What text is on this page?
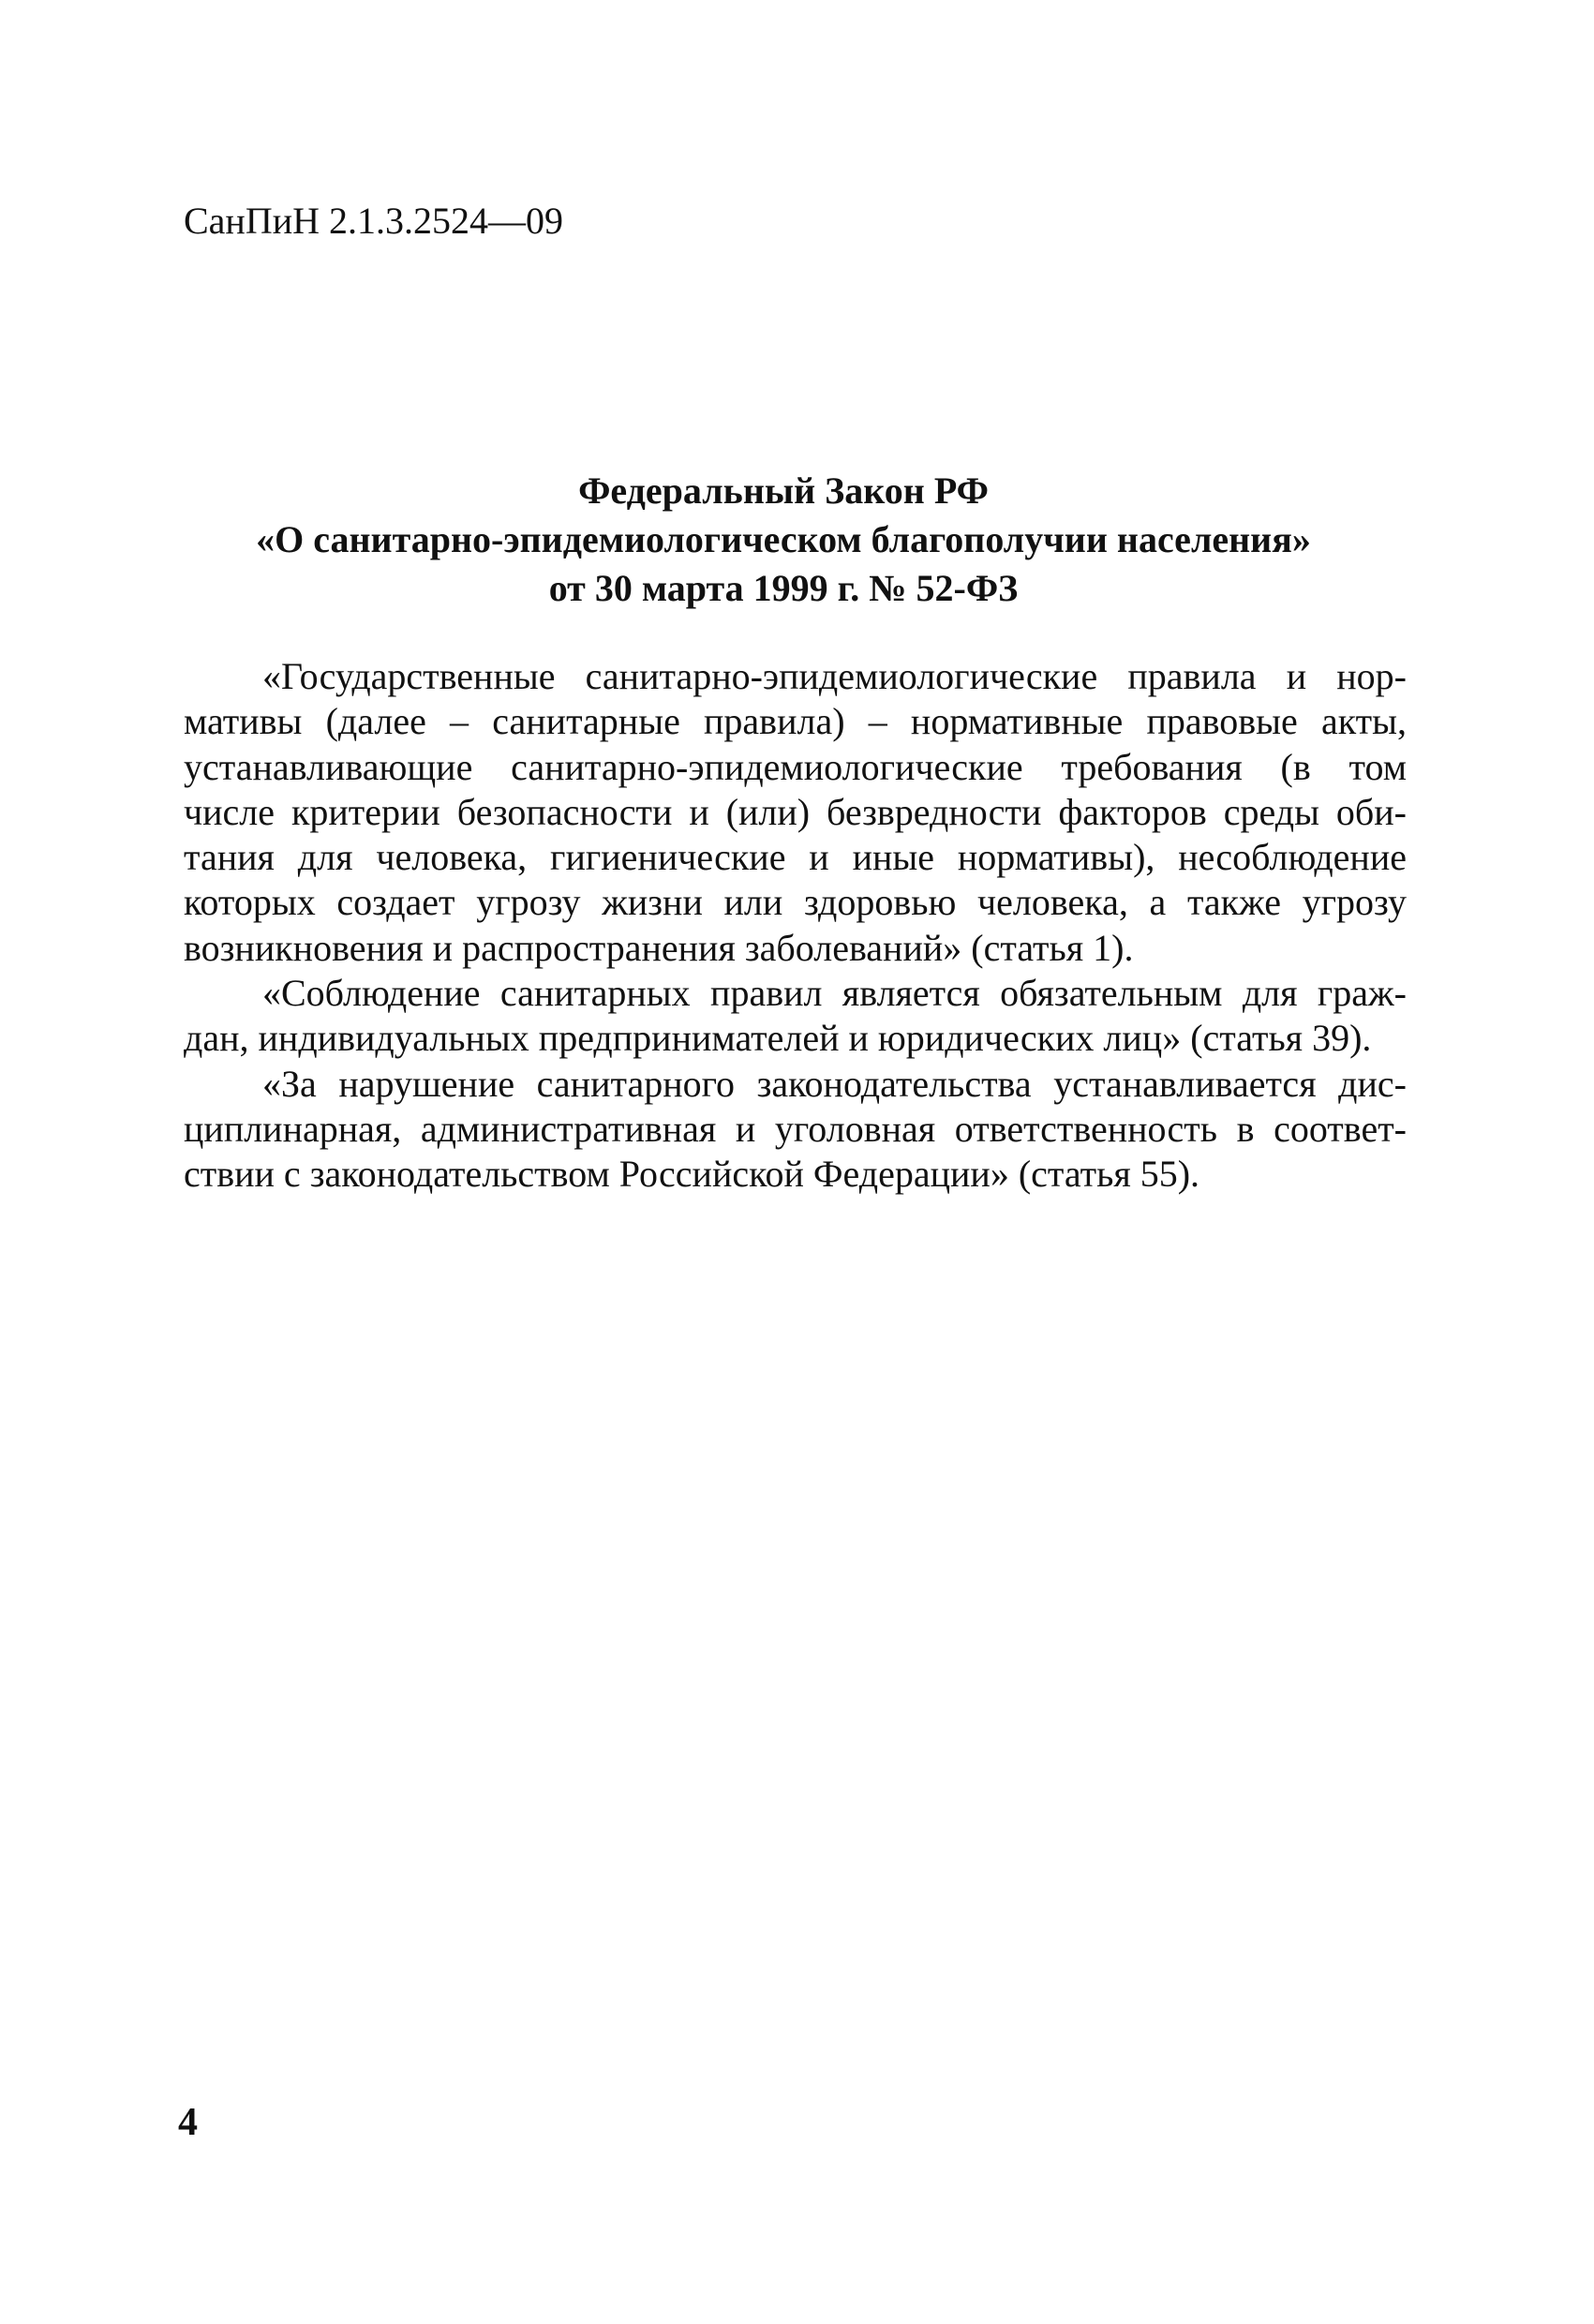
СанПиН 2.1.3.2524—09
Федеральный Закон РФ
«О санитарно-эпидемиологическом благополучии населения»
от 30 марта 1999 г. № 52-ФЗ

«Государственные санитарно-эпидемиологические правила и нор-
мативы (далее – санитарные правила) – нормативные правовые акты,
устанавливающие санитарно-эпидемиологические требования (в том
числе критерии безопасности и (или) безвредности факторов среды оби-
тания для человека, гигиенические и иные нормативы), несоблюдение
которых создает угрозу жизни или здоровью человека, а также угрозу
возникновения и распространения заболеваний» (статья 1).

«Соблюдение санитарных правил является обязательным для граж-
дан, индивидуальных предпринимателей и юридических лиц» (статья 39).

«За нарушение санитарного законодательства устанавливается дис-
циплинарная, административная и уголовная ответственность в соответ-
ствии с законодательством Российской Федерации» (статья 55).

4
